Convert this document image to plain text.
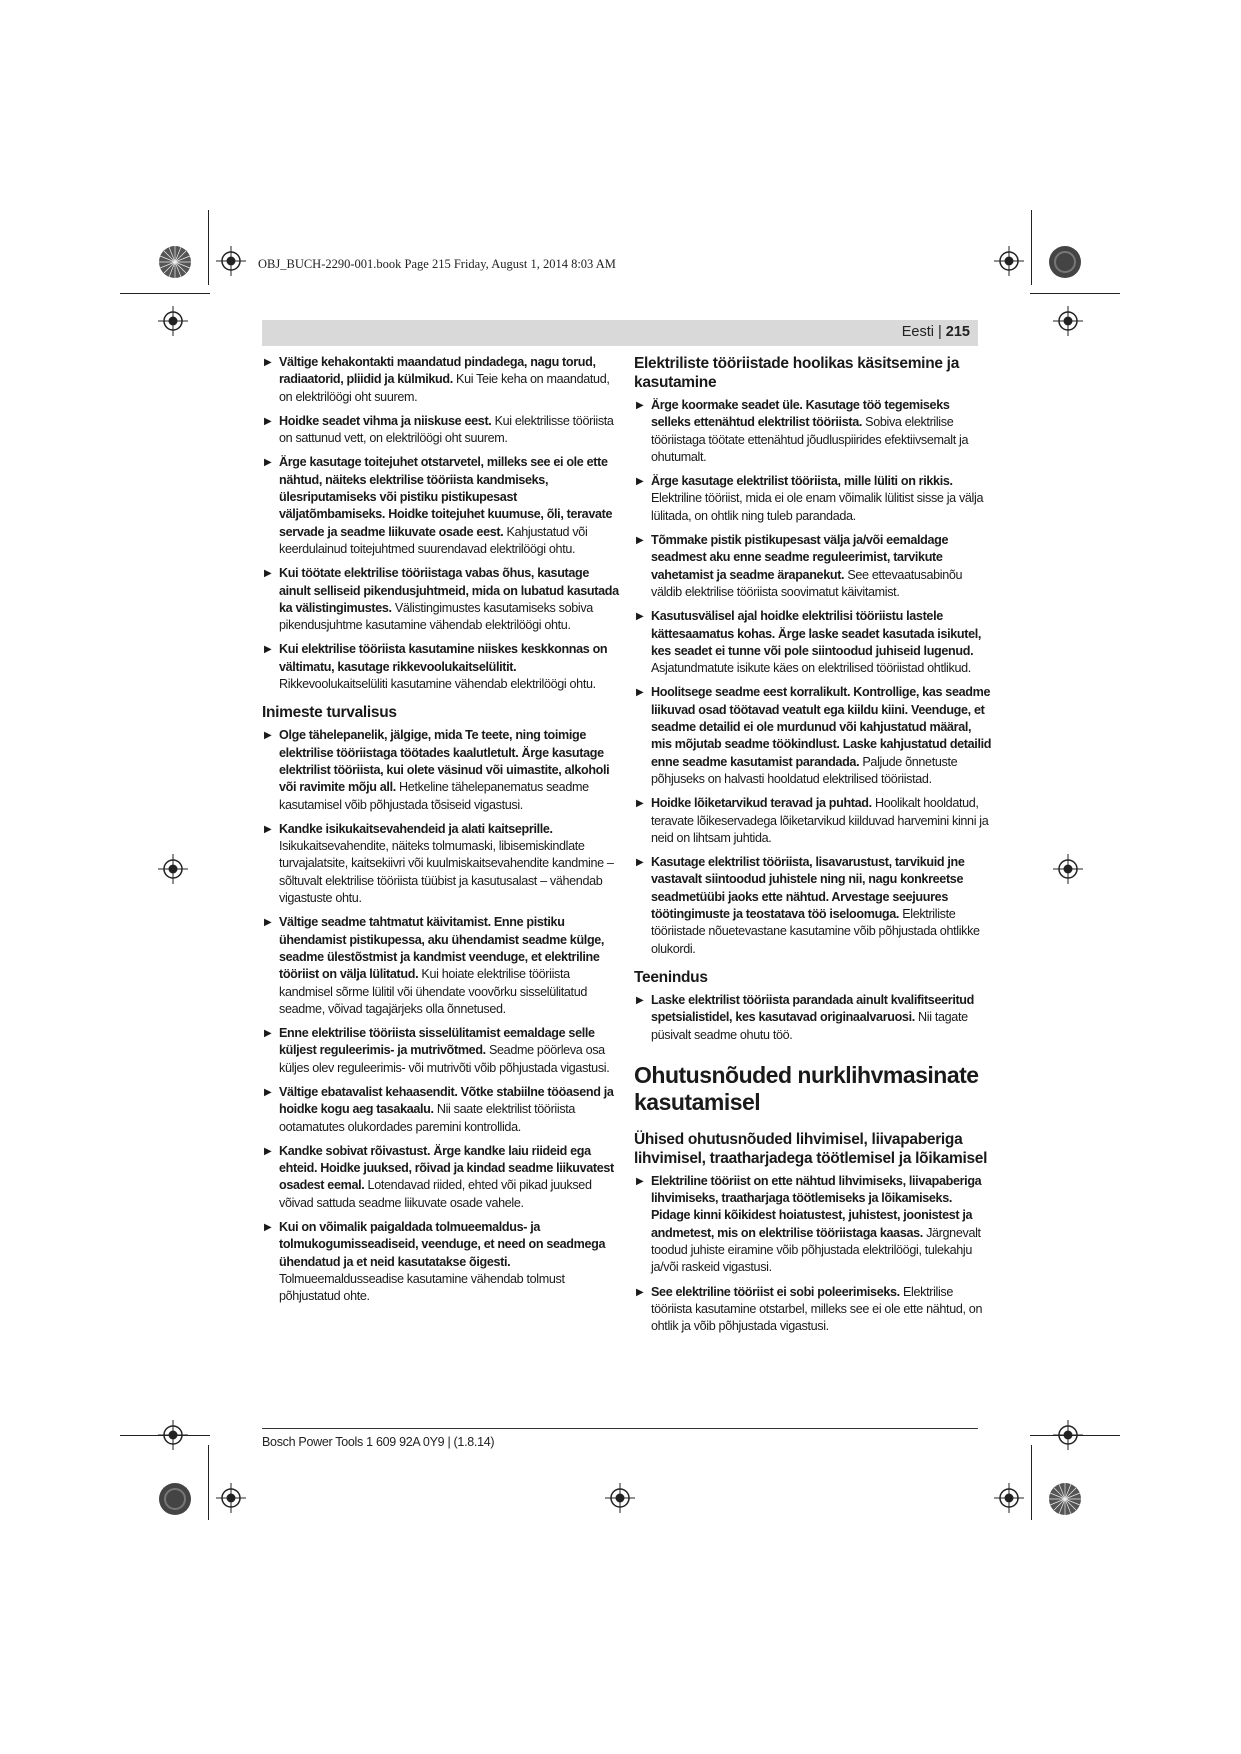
OBJ_BUCH-2290-001.book Page 215 Friday, August 1, 2014 8:03 AM
Eesti | 215
▶ Vältige kehakontakti maandatud pindadega, nagu torud, radiaatorid, pliidid ja külmikud. Kui Teie keha on maandatud, on elektrilöögi oht suurem.
▶ Hoidke seadet vihma ja niiskuse eest. Kui elektrilisse tööriista on sattunud vett, on elektrilöögi oht suurem.
▶ Ärge kasutage toitejuhet otstarvetel, milleks see ei ole ette nähtud, näiteks elektrilise tööriista kandmiseks, ülesriputamiseks või pistiku pistikupesast väljatõmbamiseks. Hoidke toitejuhet kuumuse, õli, teravate servade ja seadme liikuvate osade eest. Kahjustatud või keerdulainud toitejuhtmed suurendavad elektrilöögi ohtu.
▶ Kui töötate elektrilise tööriistaga vabas õhus, kasutage ainult selliseid pikendusjuhtmeid, mida on lubatud kasutada ka välistingimustes. Välistingimustes kasutamiseks sobiva pikendusjuhtme kasutamine vähendab elektrilöögi ohtu.
▶ Kui elektrilise tööriista kasutamine niiskes keskkonnas on vältimatu, kasutage rikkevoolukaitselülitit. Rikkevoolukaitselüliti kasutamine vähendab elektrilöögi ohtu.
Inimeste turvalisus
▶ Olge tähelepanelik, jälgige, mida Te teete, ning toimige elektrilise tööriistaga töötades kaalutletult. Ärge kasutage elektrilist tööriista, kui olete väsinud või uimastite, alkoholi või ravimite mõju all. Hetkeline tähelepanematus seadme kasutamisel võib põhjustada tõsiseid vigastusi.
▶ Kandke isikukaitsevahendeid ja alati kaitseprille. Isikukaitsevahendite, näiteks tolmumaski, libisemiskindlate turvajalatsite, kaitsekiivri või kuulmiskaitsevahendite kandmine – sõltuvalt elektrilise tööriista tüübist ja kasutusalast – vähendab vigastuste ohtu.
▶ Vältige seadme tahtmatut käivitamist. Enne pistiku ühendamist pistikupessa, aku ühendamist seadme külge, seadme ülestõstmist ja kandmist veenduge, et elektriline tööriist on välja lülitatud. Kui hoiate elektrilise tööriista kandmisel sõrme lülitil või ühendate voovõrku sisselülitatud seadme, võivad tagajärjeks olla õnnetused.
▶ Enne elektrilise tööriista sisselülitamist eemaldage selle küljest reguleerimis- ja mutrivõtmed. Seadme pöörleva osa küljes olev reguleerimis- või mutrivõti võib põhjustada vigastusi.
▶ Vältige ebatavalist kehaasendit. Võtke stabiilne tööasend ja hoidke kogu aeg tasakaalu. Nii saate elektrilist tööriista ootamatutes olukordades paremini kontrollida.
▶ Kandke sobivat rõivastust. Ärge kandke laiu riideid ega ehteid. Hoidke juuksed, rõivad ja kindad seadme liikuvatest osadest eemal. Lotendavad riided, ehted või pikad juuksed võivad sattuda seadme liikuvate osade vahele.
▶ Kui on võimalik paigaldada tolmueemaldus- ja tolmukogumisseadiseid, veenduge, et need on seadmega ühendatud ja et neid kasutatakse õigesti. Tolmueemaldusseadise kasutamine vähendab tolmust põhjustatud ohte.
Elektriliste tööriistade hoolikas käsitsemine ja kasutamine
▶ Ärge koormake seadet üle. Kasutage töö tegemiseks selleks ettenähtud elektrilist tööriista. Sobiva elektrilise tööriistaga töötate ettenähtud jõudluspiirides efektiivsemalt ja ohutumalt.
▶ Ärge kasutage elektrilist tööriista, mille lüliti on rikkis. Elektriline tööriist, mida ei ole enam võimalik lülitist sisse ja välja lülitada, on ohtlik ning tuleb parandada.
▶ Tõmmake pistik pistikupesast välja ja/või eemaldage seadmest aku enne seadme reguleerimist, tarvikute vahetamist ja seadme ärapanekut. See ettevaatusabinõu väldib elektrilise tööriista soovimatut käivitamist.
▶ Kasutusvälisel ajal hoidke elektrilisi tööriistu lastele kättesaamatus kohas. Ärge laske seadet kasutada isikutel, kes seadet ei tunne või pole siintoodud juhiseid lugenud. Asjatundmatute isikute käes on elektrilised tööriistad ohtlikud.
▶ Hoolitsege seadme eest korralikult. Kontrollige, kas seadme liikuvad osad töötavad veatult ega kiildu kiini. Veenduge, et seadme detailid ei ole murdunud või kahjustatud määral, mis mõjutab seadme töökindlust. Laske kahjustatud detailid enne seadme kasutamist parandada. Paljude õnnetuste põhjuseks on halvasti hooldatud elektrilised tööriistad.
▶ Hoidke lõiketarvikud teravad ja puhtad. Hoolikalt hooldatud, teravate lõikeservadega lõiketarvikud kiilduvad harvemini kinni ja neid on lihtsam juhtida.
▶ Kasutage elektrilist tööriista, lisavarustust, tarvikuid jne vastavalt siintoodud juhistele ning nii, nagu konkreetse seadmetüübi jaoks ette nähtud. Arvestage seejuures töötingimuste ja teostatava töö iseloomuga. Elektriliste tööriistade nõuetevastane kasutamine võib põhjustada ohtlikke olukordi.
Teenindus
▶ Laske elektrilist tööriista parandada ainult kvalifitseeritud spetsialistidel, kes kasutavad originaalvaruosi. Nii tagate püsivalt seadme ohutu töö.
Ohutusnõuded nurklihvmasinate kasutamisel
Ühised ohutusnõuded lihvimisel, liivapaberiga lihvimisel, traatharjadega töötlemisel ja lõikamisel
▶ Elektriline tööriist on ette nähtud lihvimiseks, liivapaberiga lihvimiseks, traatharjaga töötlemiseks ja lõikamiseks. Pidage kinni kõikidest hoiatustest, juhistest, joonistest ja andmetest, mis on elektrilise tööriistaga kaasas. Järgnevalt toodud juhiste eiramine võib põhjustada elektrilöögi, tulekahju ja/või raskeid vigastusi.
▶ See elektriline tööriist ei sobi poleerimiseks. Elektrilise tööriista kasutamine otstarbel, milleks see ei ole ette nähtud, on ohtlik ja võib põhjustada vigastusi.
Bosch Power Tools 1 609 92A 0Y9 | (1.8.14)
